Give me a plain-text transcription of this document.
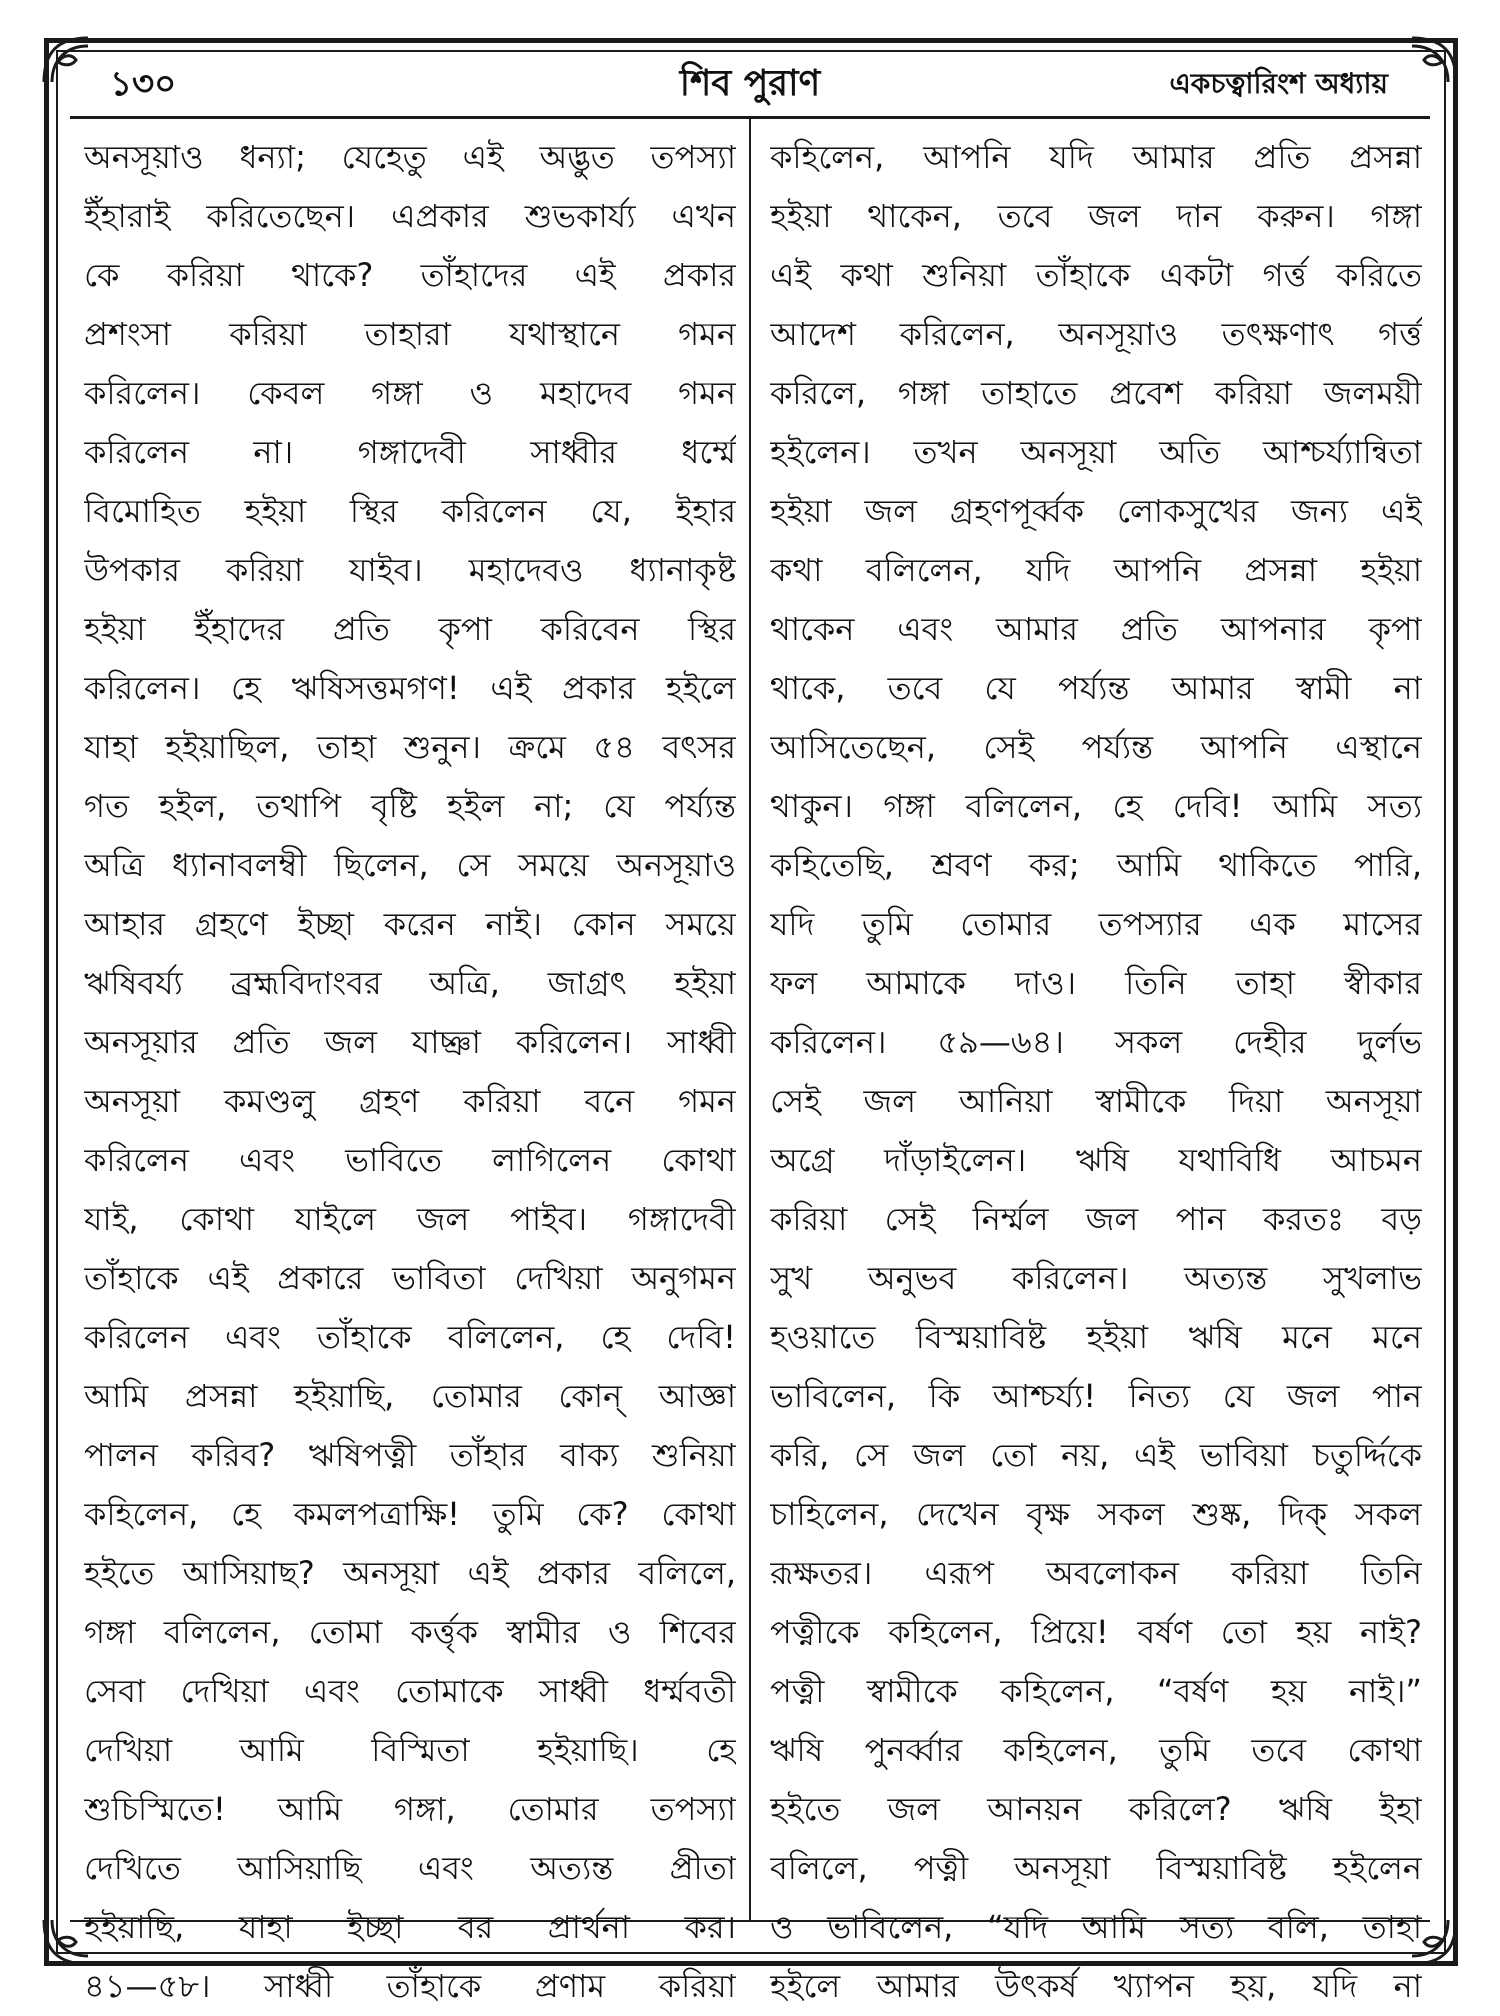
১৩০	শিব পুরাণ	একচত্বারিংশ অধ্যায়
অনসূয়াও ধন্যা; যেহেতু এই অদ্ভুত তপস্যা
ইঁহারাই করিতেছেন। এপ্রকার শুভকার্য্য এখন
কে করিয়া থাকে? তাঁহাদের এই প্রকার
প্রশংসা করিয়া তাহারা যথাস্থানে গমন
করিলেন। কেবল গঙ্গা ও মহাদেব গমন
করিলেন না। গঙ্গাদেবী সাধ্বীর ধর্ম্মে
বিমোহিত হইয়া স্থির করিলেন যে, ইহার
উপকার করিয়া যাইব। মহাদেবও ধ্যানাকৃষ্ট
হইয়া ইঁহাদের প্রতি কৃপা করিবেন স্থির
করিলেন। হে ঋষিসত্তমগণ! এই প্রকার হইলে
যাহা হইয়াছিল, তাহা শুনুন। ক্রমে ৫৪ বৎসর
গত হইল, তথাপি বৃষ্টি হইল না; যে পর্য্যন্ত
অত্রি ধ্যানাবলম্বী ছিলেন, সে সময়ে অনসূয়াও
আহার গ্রহণে ইচ্ছা করেন নাই। কোন সময়ে
ঋষিবর্য্য ব্রহ্মবিদাংবর অত্রি, জাগ্রৎ হইয়া
অনসূয়ার প্রতি জল যাচ্ঞা করিলেন। সাধ্বী
অনসূয়া কমণ্ডলু গ্রহণ করিয়া বনে গমন
করিলেন এবং ভাবিতে লাগিলেন কোথা
যাই, কোথা যাইলে জল পাইব। গঙ্গাদেবী
তাঁহাকে এই প্রকারে ভাবিতা দেখিয়া অনুগমন
করিলেন এবং তাঁহাকে বলিলেন, হে দেবি!
আমি প্রসন্না হইয়াছি, তোমার কোন্ আজ্ঞা
পালন করিব? ঋষিপত্নী তাঁহার বাক্য শুনিয়া
কহিলেন, হে কমলপত্রাক্ষি! তুমি কে? কোথা
হইতে আসিয়াছ? অনসূয়া এই প্রকার বলিলে,
গঙ্গা বলিলেন, তোমা কর্ত্তৃক স্বামীর ও শিবের
সেবা দেখিয়া এবং তোমাকে সাধ্বী ধর্ম্মবতী
দেখিয়া আমি বিস্মিতা হইয়াছি। হে
শুচিস্মিতে! আমি গঙ্গা, তোমার তপস্যা
দেখিতে আসিয়াছি এবং অত্যন্ত প্রীতা
হইয়াছি, যাহা ইচ্ছা বর প্রার্থনা কর।
৪১—৫৮। সাধ্বী তাঁহাকে প্রণাম করিয়া
কহিলেন, আপনি যদি আমার প্রতি প্রসন্না
হইয়া থাকেন, তবে জল দান করুন। গঙ্গা
এই কথা শুনিয়া তাঁহাকে একটা গর্ত্ত করিতে
আদেশ করিলেন, অনসূয়াও তৎক্ষণাৎ গর্ত্ত
করিলে, গঙ্গা তাহাতে প্রবেশ করিয়া জলময়ী
হইলেন। তখন অনসূয়া অতি আশ্চর্য্যান্বিতা
হইয়া জল গ্রহণপূর্ব্বক লোকসুখের জন্য এই
কথা বলিলেন, যদি আপনি প্রসন্না হইয়া
থাকেন এবং আমার প্রতি আপনার কৃপা
থাকে, তবে যে পর্য্যন্ত আমার স্বামী না
আসিতেছেন, সেই পর্য্যন্ত আপনি এস্থানে
থাকুন। গঙ্গা বলিলেন, হে দেবি! আমি সত্য
কহিতেছি, শ্রবণ কর; আমি থাকিতে পারি,
যদি তুমি তোমার তপস্যার এক মাসের
ফল আমাকে দাও। তিনি তাহা স্বীকার
করিলেন। ৫৯—৬৪। সকল দেহীর দুর্লভ
সেই জল আনিয়া স্বামীকে দিয়া অনসূয়া
অগ্রে দাঁড়াইলেন। ঋষি যথাবিধি আচমন
করিয়া সেই নির্ম্মল জল পান করতঃ বড়
সুখ অনুভব করিলেন। অত্যন্ত সুখলাভ
হওয়াতে বিস্ময়াবিষ্ট হইয়া ঋষি মনে মনে
ভাবিলেন, কি আশ্চর্য্য! নিত্য যে জল পান
করি, সে জল তো নয়, এই ভাবিয়া চতুর্দ্দিকে
চাহিলেন, দেখেন বৃক্ষ সকল শুষ্ক, দিক্ সকল
রূক্ষতর। এরূপ অবলোকন করিয়া তিনি
পত্নীকে কহিলেন, প্রিয়ে! বর্ষণ তো হয় নাই?
পত্নী স্বামীকে কহিলেন, “বর্ষণ হয় নাই।”
ঋষি পুনর্ব্বার কহিলেন, তুমি তবে কোথা
হইতে জল আনয়ন করিলে? ঋষি ইহা
বলিলে, পত্নী অনসূয়া বিস্ময়াবিষ্ট হইলেন
ও ভাবিলেন, “যদি আমি সত্য বলি, তাহা
হইলে আমার উৎকর্ষ খ্যাপন হয়, যদি না
